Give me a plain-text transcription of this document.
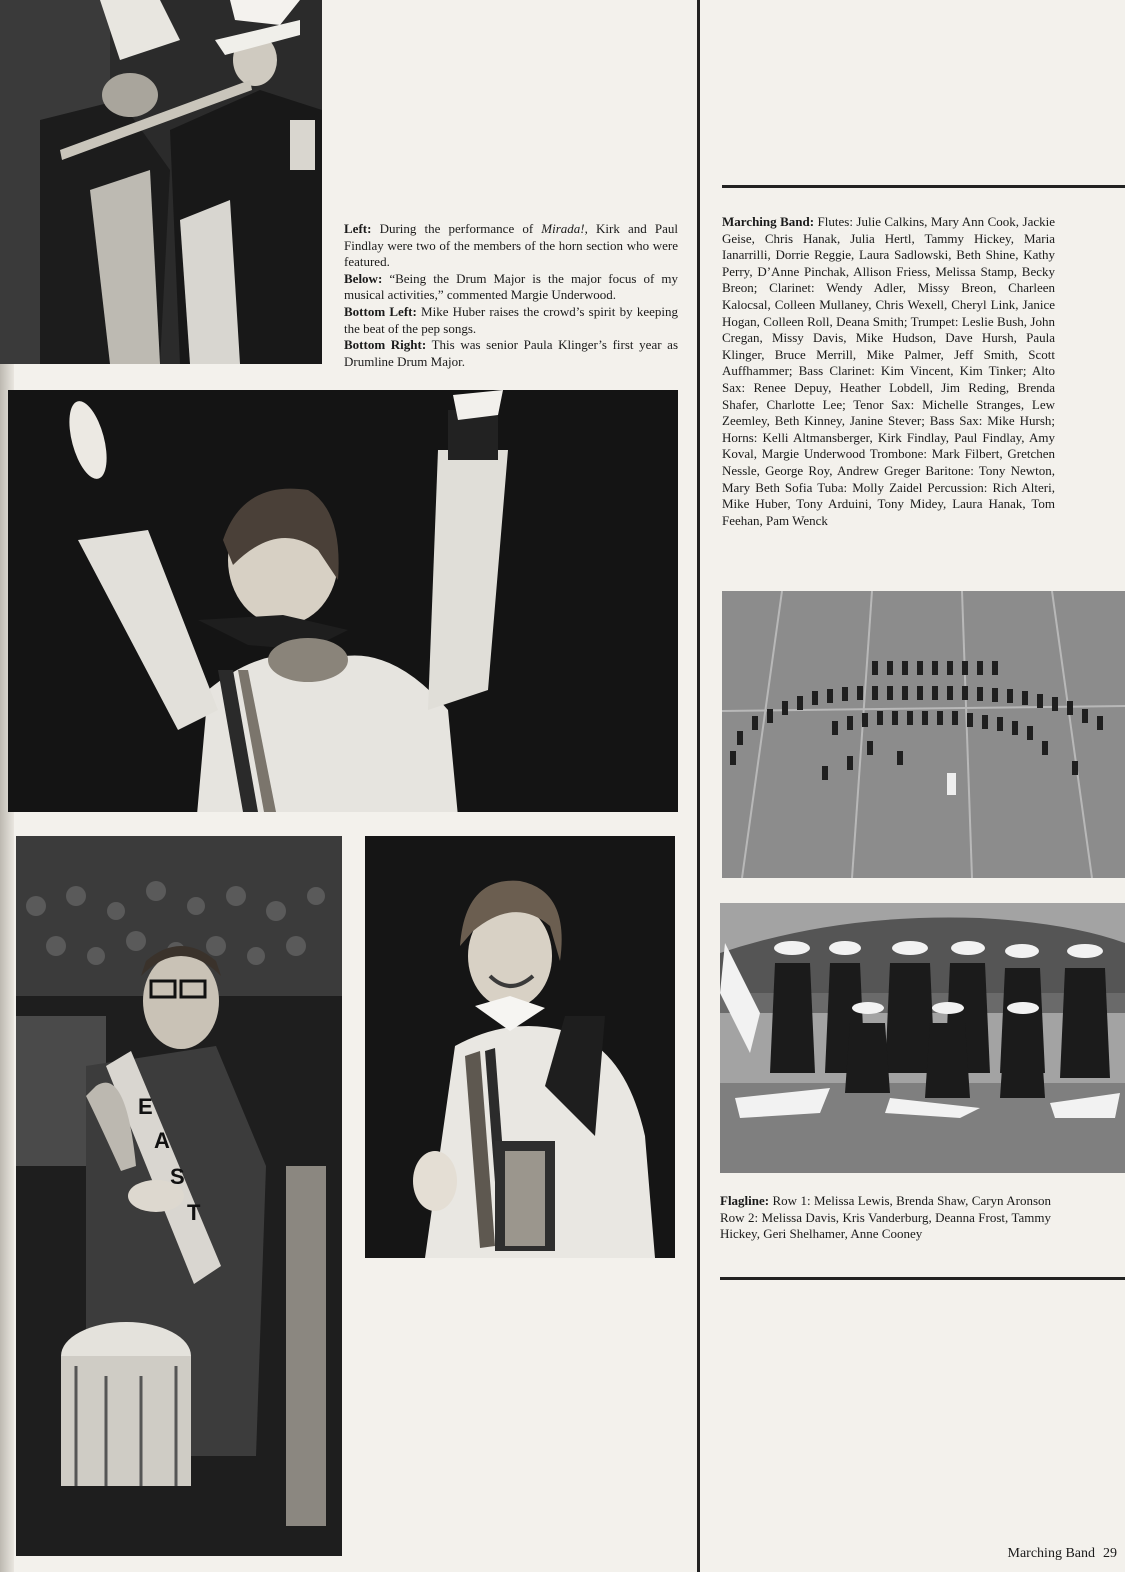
Left: During the performance of Mirada!, Kirk and Paul Findlay were two of the members of the horn section who were featured.

Below: “Being the Drum Major is the major focus of my musical activities,” commented Margie Underwood.

Bottom Left: Mike Huber raises the crowd’s spirit by keeping the beat of the pep songs.

Bottom Right: This was senior Paula Klinger’s first year as Drumline Drum Major.

E
A
S
T

Marching Band: Flutes: Julie Calkins, Mary Ann Cook, Jackie Geise, Chris Hanak, Julia Hertl, Tammy Hickey, Maria Ianarrilli, Dorrie Reggie, Laura Sadlowski, Beth Shine, Kathy Perry, D’Anne Pinchak, Allison Friess, Melissa Stamp, Becky Breon; Clarinet: Wendy Adler, Missy Breon, Charleen Kalocsal, Colleen Mullaney, Chris Wexell, Cheryl Link, Janice Hogan, Colleen Roll, Deana Smith; Trumpet: Leslie Bush, John Cregan, Missy Davis, Mike Hudson, Dave Hursh, Paula Klinger, Bruce Merrill, Mike Palmer, Jeff Smith, Scott Auffhammer; Bass Clarinet: Kim Vincent, Kim Tinker; Alto Sax: Renee Depuy, Heather Lobdell, Jim Reding, Brenda Shafer, Charlotte Lee; Tenor Sax: Michelle Stranges, Lew Zeemley, Beth Kinney, Janine Stever; Bass Sax: Mike Hursh; Horns: Kelli Altmansberger, Kirk Findlay, Paul Findlay, Amy Koval, Margie Underwood Trombone: Mark Filbert, Gretchen Nessle, George Roy, Andrew Greger Baritone: Tony Newton, Mary Beth Sofia Tuba: Molly Zaidel Percussion: Rich Alteri, Mike Huber, Tony Arduini, Tony Midey, Laura Hanak, Tom Feehan, Pam Wenck

Flagline: Row 1: Melissa Lewis, Brenda Shaw, Caryn Aronson Row 2: Melissa Davis, Kris Vanderburg, Deanna Frost, Tammy Hickey, Geri Shelhamer, Anne Cooney

Marching Band 29
